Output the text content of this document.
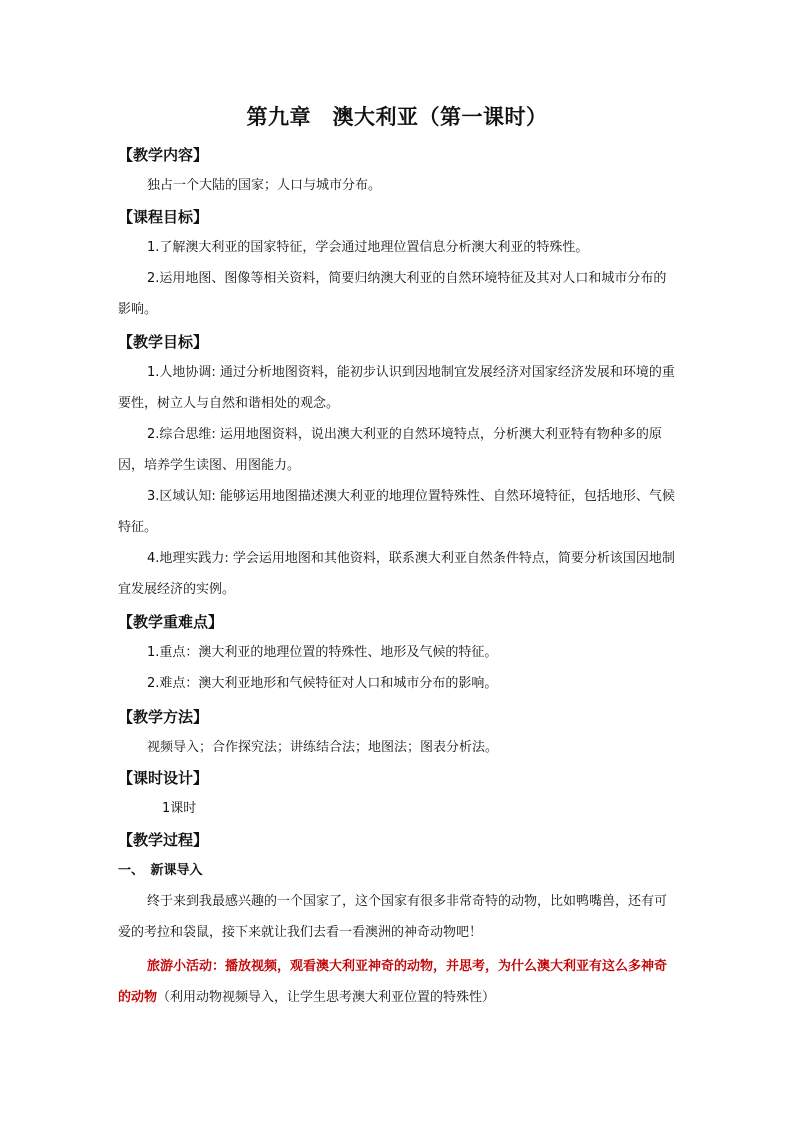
第九章　澳大利亚（第一课时）
【教学内容】

独占一个大陆的国家；人口与城市分布。

【课程目标】

1.了解澳大利亚的国家特征，学会通过地理位置信息分析澳大利亚的特殊性。

2.运用地图、图像等相关资料，简要归纳澳大利亚的自然环境特征及其对人口和城市分布的影响。

【教学目标】

1.人地协调: 通过分析地图资料，能初步认识到因地制宜发展经济对国家经济发展和环境的重要性，树立人与自然和谐相处的观念。

2.综合思维: 运用地图资料，说出澳大利亚的自然环境特点，分析澳大利亚特有物种多的原因，培养学生读图、用图能力。

3.区域认知: 能够运用地图描述澳大利亚的地理位置特殊性、自然环境特征，包括地形、气候特征。

4.地理实践力: 学会运用地图和其他资料，联系澳大利亚自然条件特点，简要分析该国因地制宜发展经济的实例。

【教学重难点】

1.重点：澳大利亚的地理位置的特殊性、地形及气候的特征。

2.难点：澳大利亚地形和气候特征对人口和城市分布的影响。

【教学方法】

视频导入；合作探究法；讲练结合法；地图法；图表分析法。

【课时设计】

1课时

【教学过程】
一、　新课导入

终于来到我最感兴趣的一个国家了，这个国家有很多非常奇特的动物，比如鸭嘴兽，还有可爱的考拉和袋鼠，接下来就让我们去看一看澳洲的神奇动物吧！

旅游小活动：播放视频，观看澳大利亚神奇的动物，并思考，为什么澳大利亚有这么多神奇的动物（利用动物视频导入，让学生思考澳大利亚位置的特殊性）
